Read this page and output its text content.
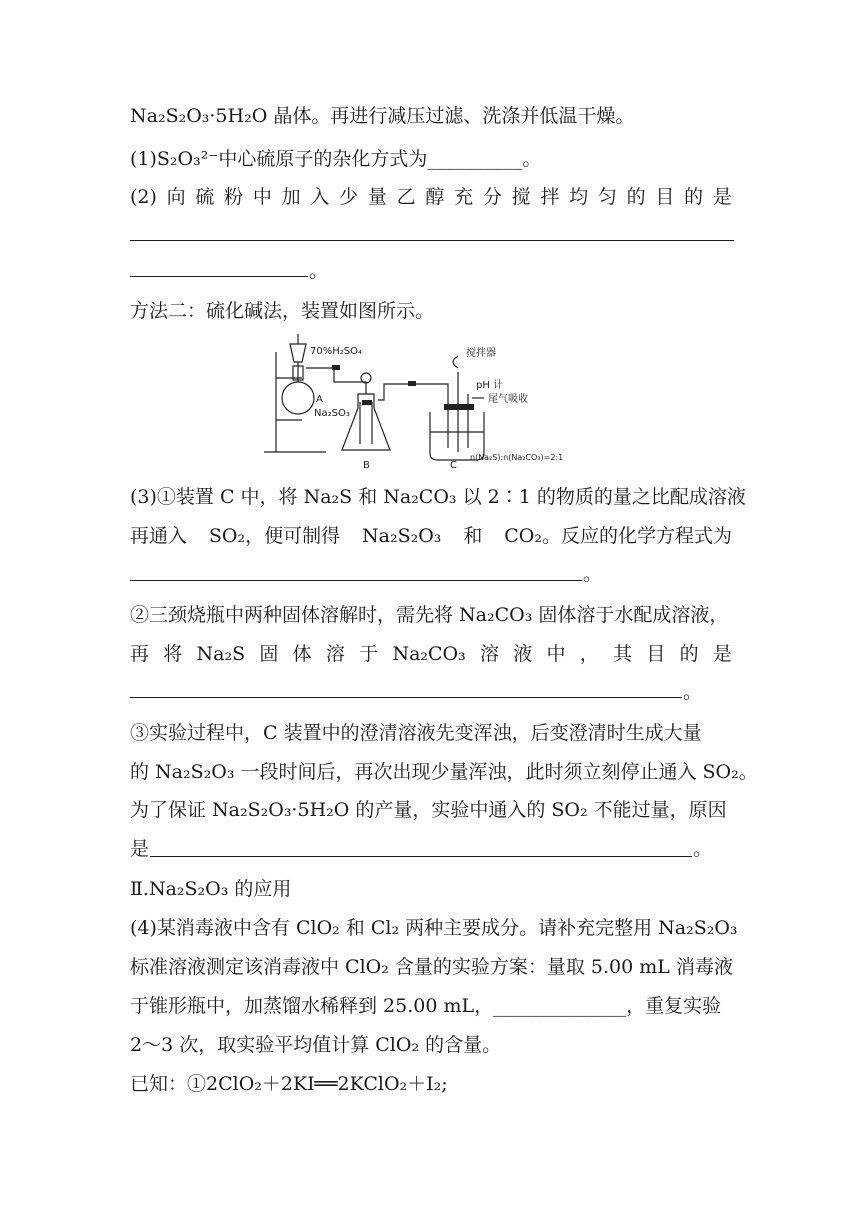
Na₂S₂O₃·5H₂O 晶体。再进行减压过滤、洗涤并低温干燥。
(1)S₂O₃²⁻中心硫原子的杂化方式为__________。
(2) 向 硫 粉 中 加 入 少 量 乙 醇 充 分 搅 拌 均 匀 的 目 的 是
。
方法二：硫化碱法，装置如图所示。
70%H₂SO₄
A
Na₂SO₃
B	C
搅拌器
pH 计
尾气吸收
n(Na₂S):n(Na₂CO₃)=2:1
(3)①装置 C 中，将 Na₂S 和 Na₂CO₃ 以 2∶1 的物质的量之比配成溶液
再通入 SO₂，便可制得 Na₂S₂O₃ 和 CO₂。反应的化学方程式为
。
②三颈烧瓶中两种固体溶解时，需先将 Na₂CO₃ 固体溶于水配成溶液，
再 将 Na₂S 固 体 溶 于 Na₂CO₃ 溶 液 中 ， 其 目 的 是
。
③实验过程中，C 装置中的澄清溶液先变浑浊，后变澄清时生成大量
的 Na₂S₂O₃ 一段时间后，再次出现少量浑浊，此时须立刻停止通入 SO₂。
为了保证 Na₂S₂O₃·5H₂O 的产量，实验中通入的 SO₂ 不能过量，原因
是	。
Ⅱ.Na₂S₂O₃ 的应用
(4)某消毒液中含有 ClO₂ 和 Cl₂ 两种主要成分。请补充完整用 Na₂S₂O₃
标准溶液测定该消毒液中 ClO₂ 含量的实验方案：量取 5.00 mL 消毒液
于锥形瓶中，加蒸馏水稀释到 25.00 mL，______________，重复实验
2～3 次，取实验平均值计算 ClO₂ 的含量。
已知：①2ClO₂＋2KI══2KClO₂＋I₂;
